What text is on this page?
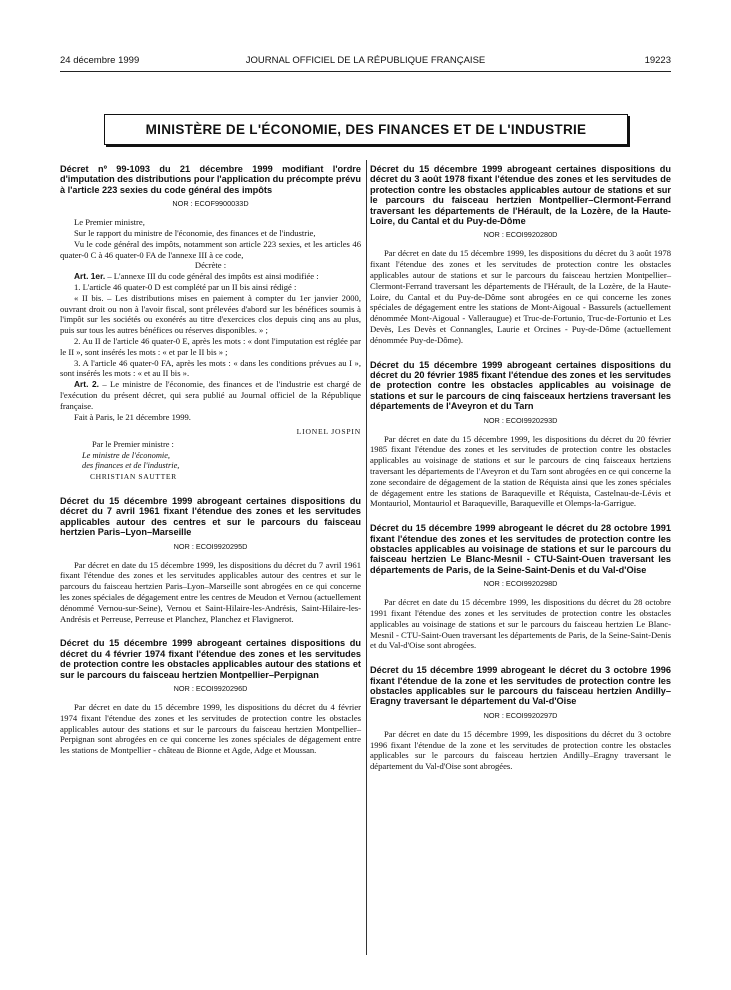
24 décembre 1999	JOURNAL OFFICIEL DE LA RÉPUBLIQUE FRANÇAISE	19223
MINISTÈRE DE L'ÉCONOMIE, DES FINANCES ET DE L'INDUSTRIE
Décret nº 99-1093 du 21 décembre 1999 modifiant l'ordre d'imputation des distributions pour l'application du précompte prévu à l'article 223 sexies du code général des impôts
NOR : ECOF9900033D

Le Premier ministre,

Sur le rapport du ministre de l'économie, des finances et de l'industrie,

Vu le code général des impôts, notamment son article 223 sexies, et les articles 46 quater-0 C à 46 quater-0 FA de l'annexe III à ce code,

Décrète :

Art. 1er. – L'annexe III du code général des impôts est ainsi modifiée :

1. L'article 46 quater-0 D est complété par un II bis ainsi rédigé :

« II bis. – Les distributions mises en paiement à compter du 1er janvier 2000, ouvrant droit ou non à l'avoir fiscal, sont prélevées d'abord sur les bénéfices soumis à l'impôt sur les sociétés ou exonérés au titre d'exercices clos depuis cinq ans au plus, puis sur tous les autres bénéfices ou réserves disponibles. » ;

2. Au II de l'article 46 quater-0 E, après les mots : « dont l'imputation est réglée par le II », sont insérés les mots : « et par le II bis » ;

3. A l'article 46 quater-0 FA, après les mots : « dans les conditions prévues au I », sont insérés les mots : « et au II bis ».

Art. 2. – Le ministre de l'économie, des finances et de l'industrie est chargé de l'exécution du présent décret, qui sera publié au Journal officiel de la République française.

Fait à Paris, le 21 décembre 1999.

LIONEL JOSPIN
Par le Premier ministre :
Le ministre de l'économie,
des finances et de l'industrie,
CHRISTIAN SAUTTER
Décret du 15 décembre 1999 abrogeant certaines dispositions du décret du 7 avril 1961 fixant l'étendue des zones et les servitudes applicables autour des centres et sur le parcours du faisceau hertzien Paris–Lyon–Marseille
NOR : ECOI9920295D

Par décret en date du 15 décembre 1999, les dispositions du décret du 7 avril 1961 fixant l'étendue des zones et les servitudes applicables autour des centres et sur le parcours du faisceau hertzien Paris–Lyon–Marseille sont abrogées en ce qui concerne les zones spéciales de dégagement entre les centres de Meudon et Vernou (actuellement dénommé Vernou-sur-Seine), Vernou et Saint-Hilaire-les-Andrésis, Saint-Hilaire-les-Andrésis et Perreuse, Perreuse et Planchez, Planchez et Flavignerot.

Décret du 15 décembre 1999 abrogeant certaines dispositions du décret du 4 février 1974 fixant l'étendue des zones et les servitudes de protection contre les obstacles applicables autour des stations et sur le parcours du faisceau hertzien Montpellier–Perpignan
NOR : ECOI9920296D

Par décret en date du 15 décembre 1999, les dispositions du décret du 4 février 1974 fixant l'étendue des zones et les servitudes de protection contre les obstacles applicables autour des stations et sur le parcours du faisceau hertzien Montpellier–Perpignan sont abrogées en ce qui concerne les zones spéciales de dégagement entre les stations de Montpellier - château de Bionne et Agde, Adge et Moussan.

Décret du 15 décembre 1999 abrogeant certaines dispositions du décret du 3 août 1978 fixant l'étendue des zones et les servitudes de protection contre les obstacles applicables autour de stations et sur le parcours du faisceau hertzien Montpellier–Clermont-Ferrand traversant les départements de l'Hérault, de la Lozère, de la Haute-Loire, du Cantal et du Puy-de-Dôme
NOR : ECOI9920280D

Par décret en date du 15 décembre 1999, les dispositions du décret du 3 août 1978 fixant l'étendue des zones et les servitudes de protection contre les obstacles applicables autour de stations et sur le parcours du faisceau hertzien Montpellier–Clermont-Ferrand traversant les départements de l'Hérault, de la Lozère, de la Haute-Loire, du Cantal et du Puy-de-Dôme sont abrogées en ce qui concerne les zones spéciales de dégagement entre les stations de Mont-Aigoual - Bassurels (actuellement dénommée Mont-Aigoual - Valleraugue) et Truc-de-Fortunio, Truc-de-Fortunio et Les Devès, Les Devès et Connangles, Laurie et Orcines - Puy-de-Dôme (actuellement dénommée Puy-de-Dôme).

Décret du 15 décembre 1999 abrogeant certaines dispositions du décret du 20 février 1985 fixant l'étendue des zones et les servitudes de protection contre les obstacles applicables au voisinage de stations et sur le parcours de cinq faisceaux hertziens traversant les départements de l'Aveyron et du Tarn
NOR : ECOI9920293D

Par décret en date du 15 décembre 1999, les dispositions du décret du 20 février 1985 fixant l'étendue des zones et les servitudes de protection contre les obstacles applicables au voisinage de stations et sur le parcours de cinq faisceaux hertziens traversant les départements de l'Aveyron et du Tarn sont abrogées en ce qui concerne la zone secondaire de dégagement de la station de Réquista ainsi que les zones spéciales de dégagement entre les stations de Baraqueville et Réquista, Castelnau-de-Lévis et Montauriol, Montauriol et Baraqueville, Baraqueville et Olemps-la-Garrigue.

Décret du 15 décembre 1999 abrogeant le décret du 28 octobre 1991 fixant l'étendue des zones et les servitudes de protection contre les obstacles applicables au voisinage de stations et sur le parcours du faisceau hertzien Le Blanc-Mesnil - CTU-Saint-Ouen traversant les départements de Paris, de la Seine-Saint-Denis et du Val-d'Oise
NOR : ECOI9920298D

Par décret en date du 15 décembre 1999, les dispositions du décret du 28 octobre 1991 fixant l'étendue des zones et les servitudes de protection contre les obstacles applicables au voisinage de stations et sur le parcours du faisceau hertzien Le Blanc-Mesnil - CTU-Saint-Ouen traversant les départements de Paris, de la Seine-Saint-Denis et du Val-d'Oise sont abrogées.

Décret du 15 décembre 1999 abrogeant le décret du 3 octobre 1996 fixant l'étendue de la zone et les servitudes de protection contre les obstacles applicables sur le parcours du faisceau hertzien Andilly–Eragny traversant le département du Val-d'Oise
NOR : ECOI9920297D

Par décret en date du 15 décembre 1999, les dispositions du décret du 3 octobre 1996 fixant l'étendue de la zone et les servitudes de protection contre les obstacles applicables sur le parcours du faisceau hertzien Andilly–Eragny traversant le département du Val-d'Oise sont abrogées.
